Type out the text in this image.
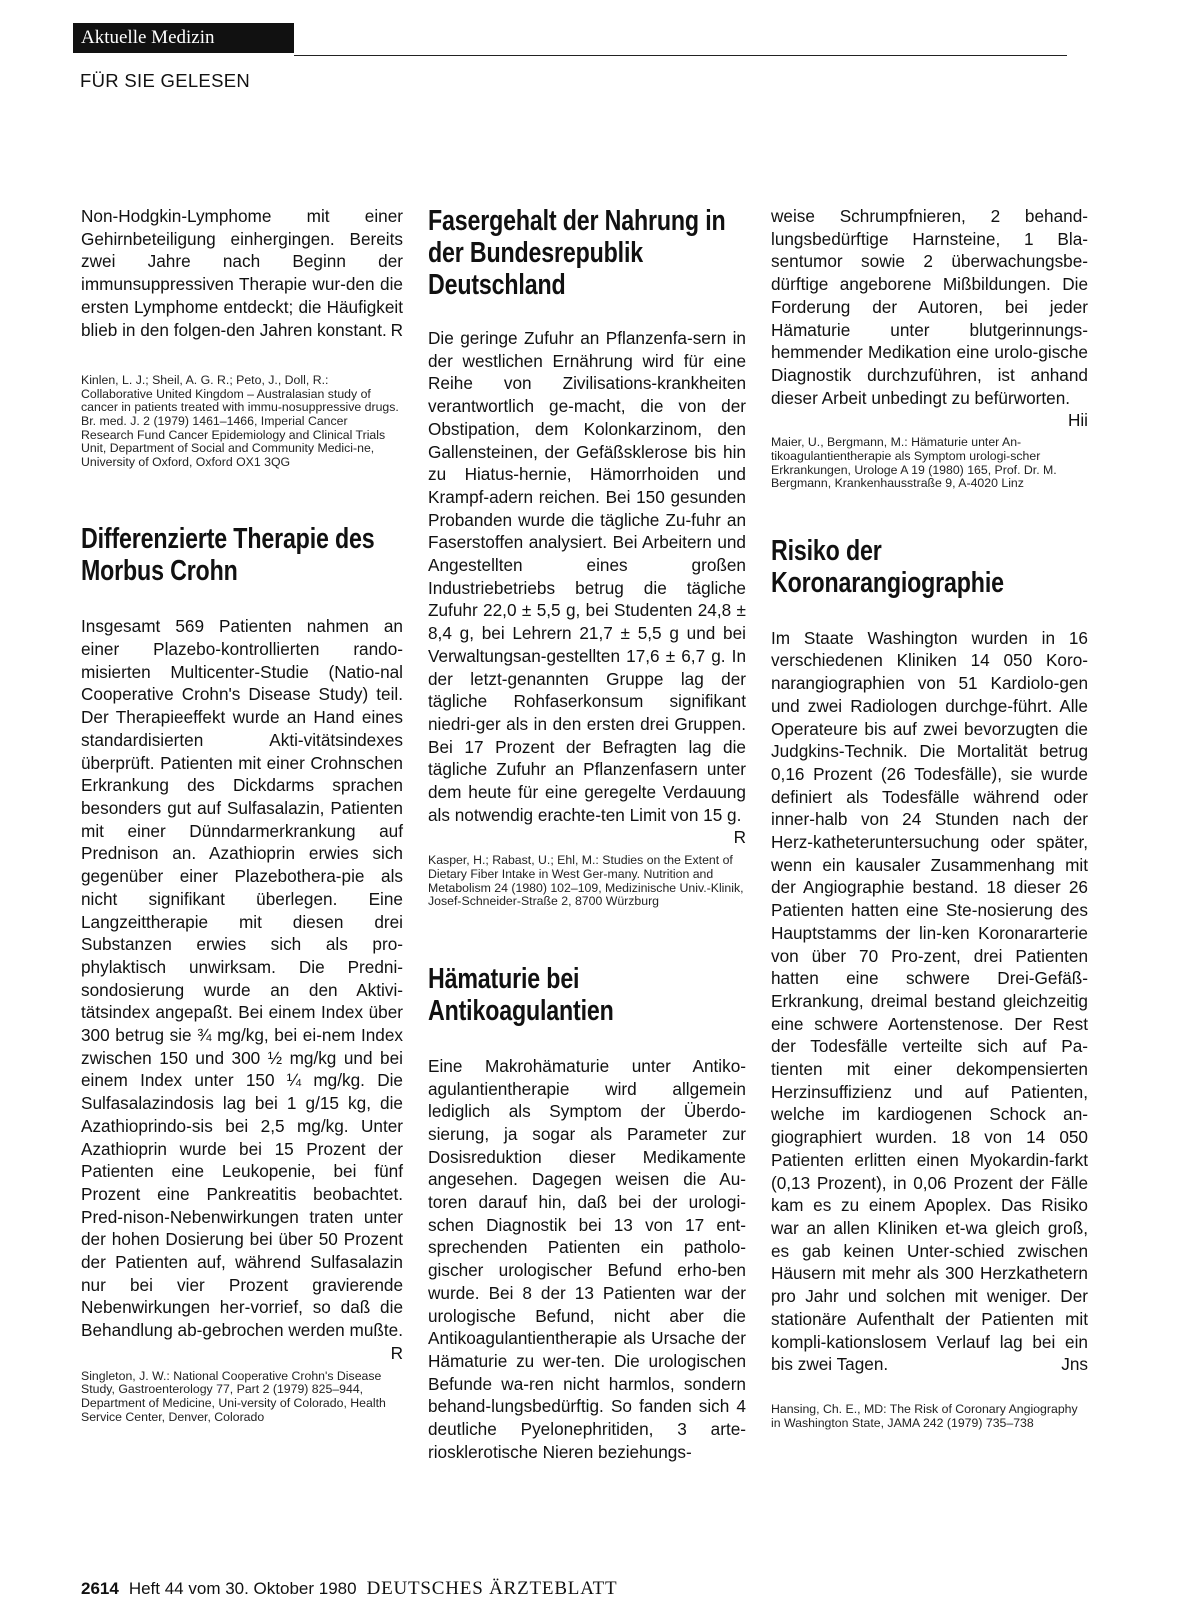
Aktuelle Medizin
FÜR SIE GELESEN

Non-Hodgkin-Lymphome mit einer Gehirnbeteiligung einhergingen. Bereits zwei Jahre nach Beginn der immunsuppressiven Therapie wur-den die ersten Lymphome entdeckt; die Häufigkeit blieb in den folgen-den Jahren konstant. R

Kinlen, L. J.; Sheil, A. G. R.; Peto, J., Doll, R.: Collaborative United Kingdom – Australasian study of cancer in patients treated with immu-nosuppressive drugs. Br. med. J. 2 (1979) 1461–1466, Imperial Cancer Research Fund Cancer Epidemiology and Clinical Trials Unit, Department of Social and Community Medici-ne, University of Oxford, Oxford OX1 3QG

Differenzierte Therapie des Morbus Crohn

Insgesamt 569 Patienten nahmen an einer Plazebo-kontrollierten rando-misierten Multicenter-Studie (Natio-nal Cooperative Crohn's Disease Study) teil. Der Therapieeffekt wurde an Hand eines standardisierten Akti-vitätsindexes überprüft. Patienten mit einer Crohnschen Erkrankung des Dickdarms sprachen besonders gut auf Sulfasalazin, Patienten mit einer Dünndarmerkrankung auf Prednison an. Azathioprin erwies sich gegenüber einer Plazebothera-pie als nicht signifikant überlegen. Eine Langzeittherapie mit diesen drei Substanzen erwies sich als pro-phylaktisch unwirksam. Die Predni-sondosierung wurde an den Aktivi-tätsindex angepaßt. Bei einem Index über 300 betrug sie ¾ mg/kg, bei ei-nem Index zwischen 150 und 300 ½ mg/kg und bei einem Index unter 150 ¼ mg/kg. Die Sulfasalazindosis lag bei 1 g/15 kg, die Azathioprindo-sis bei 2,5 mg/kg. Unter Azathioprin wurde bei 15 Prozent der Patienten eine Leukopenie, bei fünf Prozent eine Pankreatitis beobachtet. Pred-nison-Nebenwirkungen traten unter der hohen Dosierung bei über 50 Prozent der Patienten auf, während Sulfasalazin nur bei vier Prozent gravierende Nebenwirkungen her-vorrief, so daß die Behandlung ab-gebrochen werden mußte.
R

Singleton, J. W.: National Cooperative Crohn's Disease Study, Gastroenterology 77, Part 2 (1979) 825–944, Department of Medicine, Uni-versity of Colorado, Health Service Center, Denver, Colorado

Fasergehalt der Nahrung in der Bundesrepublik Deutschland

Die geringe Zufuhr an Pflanzenfa-sern in der westlichen Ernährung wird für eine Reihe von Zivilisations-krankheiten verantwortlich ge-macht, die von der Obstipation, dem Kolonkarzinom, den Gallensteinen, der Gefäßsklerose bis hin zu Hiatus-hernie, Hämorrhoiden und Krampf-adern reichen. Bei 150 gesunden Probanden wurde die tägliche Zu-fuhr an Faserstoffen analysiert. Bei Arbeitern und Angestellten eines großen Industriebetriebs betrug die tägliche Zufuhr 22,0 ± 5,5 g, bei Studenten 24,8 ± 8,4 g, bei Lehrern 21,7 ± 5,5 g und bei Verwaltungsan-gestellten 17,6 ± 6,7 g. In der letzt-genannten Gruppe lag der tägliche Rohfaserkonsum signifikant niedri-ger als in den ersten drei Gruppen. Bei 17 Prozent der Befragten lag die tägliche Zufuhr an Pflanzenfasern unter dem heute für eine geregelte Verdauung als notwendig erachte-ten Limit von 15 g.
R

Kasper, H.; Rabast, U.; Ehl, M.: Studies on the Extent of Dietary Fiber Intake in West Ger-many. Nutrition and Metabolism 24 (1980) 102–109, Medizinische Univ.-Klinik, Josef-Schneider-Straße 2, 8700 Würzburg

Hämaturie bei Antikoagulantien

Eine Makrohämaturie unter Antiko-agulantientherapie wird allgemein lediglich als Symptom der Überdo-sierung, ja sogar als Parameter zur Dosisreduktion dieser Medikamente angesehen. Dagegen weisen die Au-toren darauf hin, daß bei der urologi-schen Diagnostik bei 13 von 17 ent-sprechenden Patienten ein patholo-gischer urologischer Befund erho-ben wurde. Bei 8 der 13 Patienten war der urologische Befund, nicht aber die Antikoagulantientherapie als Ursache der Hämaturie zu wer-ten. Die urologischen Befunde wa-ren nicht harmlos, sondern behand-lungsbedürftig. So fanden sich 4 deutliche Pyelonephritiden, 3 arte-riosklerotische Nieren beziehungs-

weise Schrumpfnieren, 2 behand-lungsbedürftige Harnsteine, 1 Bla-sentumor sowie 2 überwachungsbe-dürftige angeborene Mißbildungen. Die Forderung der Autoren, bei jeder Hämaturie unter blutgerinnungs-hemmender Medikation eine urolo-gische Diagnostik durchzuführen, ist anhand dieser Arbeit unbedingt zu befürworten.
Hii

Maier, U., Bergmann, M.: Hämaturie unter An-tikoagulantientherapie als Symptom urologi-scher Erkrankungen, Urologe A 19 (1980) 165, Prof. Dr. M. Bergmann, Krankenhausstraße 9, A-4020 Linz

Risiko der Koronarangiographie

Im Staate Washington wurden in 16 verschiedenen Kliniken 14 050 Koro-narangiographien von 51 Kardiolo-gen und zwei Radiologen durchge-führt. Alle Operateure bis auf zwei bevorzugten die Judgkins-Technik. Die Mortalität betrug 0,16 Prozent (26 Todesfälle), sie wurde definiert als Todesfälle während oder inner-halb von 24 Stunden nach der Herz-katheteruntersuchung oder später, wenn ein kausaler Zusammenhang mit der Angiographie bestand. 18 dieser 26 Patienten hatten eine Ste-nosierung des Hauptstamms der lin-ken Koronararterie von über 70 Pro-zent, drei Patienten hatten eine schwere Drei-Gefäß-Erkrankung, dreimal bestand gleichzeitig eine schwere Aortenstenose. Der Rest der Todesfälle verteilte sich auf Pa-tienten mit einer dekompensierten Herzinsuffizienz und auf Patienten, welche im kardiogenen Schock an-giographiert wurden. 18 von 14 050 Patienten erlitten einen Myokardin-farkt (0,13 Prozent), in 0,06 Prozent der Fälle kam es zu einem Apoplex. Das Risiko war an allen Kliniken et-wa gleich groß, es gab keinen Unter-schied zwischen Häusern mit mehr als 300 Herzkathetern pro Jahr und solchen mit weniger. Der stationäre Aufenthalt der Patienten mit kompli-kationslosem Verlauf lag bei ein bis zwei Tagen.	Jns

Hansing, Ch. E., MD: The Risk of Coronary Angiography in Washington State, JAMA 242 (1979) 735–738

2614 Heft 44 vom 30. Oktober 1980 DEUTSCHES ÄRZTEBLATT
